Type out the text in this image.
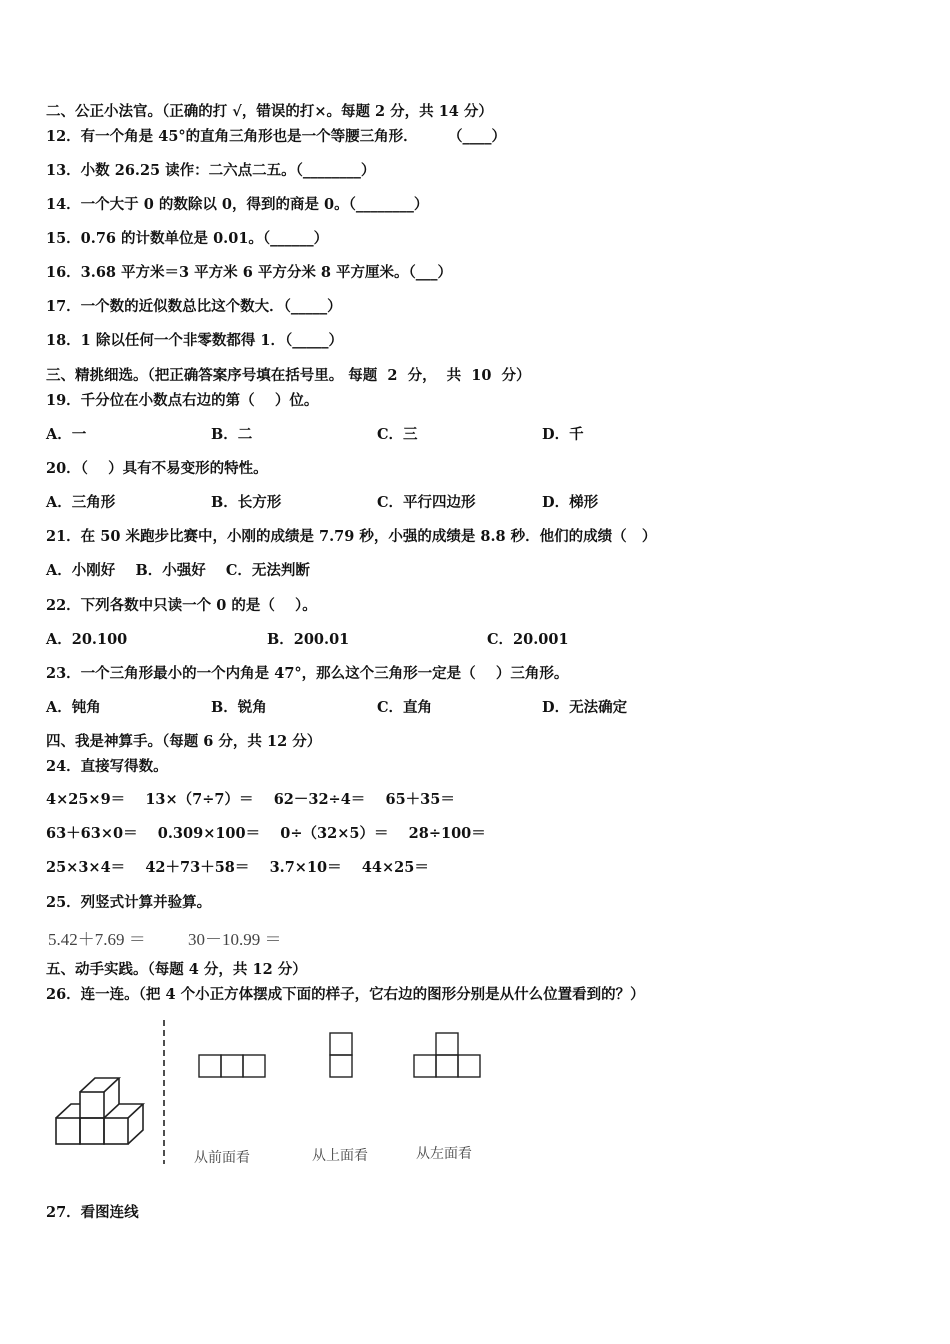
二、公正小法官。（正确的打 √，错误的打×。每题 2 分，共 14 分）
12．有一个角是 45°的直角三角形也是一个等腰三角形．      （____）
13．小数 26.25 读作：二六点二五。（________）
14．一个大于 0 的数除以 0，得到的商是 0。（________）
15．0.76 的计数单位是 0.01。（______）
16．3.68 平方米＝3 平方米 6 平方分米 8 平方厘米。（___）
17．一个数的近似数总比这个数大．（_____）
18．1 除以任何一个非零数都得 1．（_____）
三、精挑细选。（把正确答案序号填在括号里。 每题  2  分，  共  10  分）
19．千分位在小数点右边的第（    ）位。
A．一	B．二	C．三	D．千
20．（    ）具有不易变形的特性。
A．三角形	B．长方形	C．平行四边形	D．梯形
21．在 50 米跑步比赛中，小刚的成绩是 7.79 秒，小强的成绩是 8.8 秒．他们的成绩（   ）
A．小刚好    B．小强好    C．无法判断
22．下列各数中只读一个 0 的是（    ）。
A．20.100	B．200.01	C．20.001
23．一个三角形最小的一个内角是 47°，那么这个三角形一定是（    ）三角形。
A．钝角	B．锐角	C．直角	D．无法确定
四、我是神算手。（每题 6 分，共 12 分）
24．直接写得数。
4×25×9＝    13×（7÷7）＝    62－32÷4＝    65＋35＝
63＋63×0＝    0.309×100＝    0÷（32×5）＝    28÷100＝
25×3×4＝    42＋73＋58＝    3.7×10＝    44×25＝
25．列竖式计算并验算。
5.42＋7.69 ＝ 30－10.99 ＝
五、动手实践。（每题 4 分，共 12 分）
26．连一连。（把 4 个小正方体摆成下面的样子，它右边的图形分别是从什么位置看到的？）
从前面看	从上面看	从左面看
27．看图连线
